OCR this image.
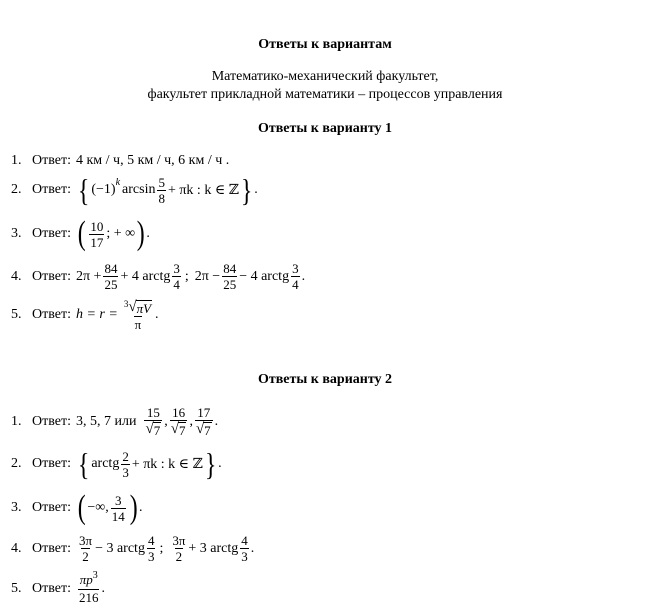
Ответы к вариантам
Математико-механический факультет,
факультет прикладной математики – процессов управления
Ответы к варианту 1
1. Ответ: 4 км / ч, 5 км / ч, 6 км / ч .
2. Ответ: { (−1) k $\arcsin \frac{5}{8} + \pi k$ : k ∈ ℤ } .
3. Ответ: ( $\frac{10}{17}$ ; + ∞ ) .
4. Ответ: $2\pi + \frac{84}{25} + 4$ arctg $\frac{3}{4}$ ; $2\pi - \frac{84}{25} - 4$ arctg $\frac{3}{4}$ .
5. Ответ: $h = r = \frac{3 √ \pi V}{\pi}$ .
Ответы к варианту 2
1. Ответ: 3, 5, 7 или $\frac{15}{√ 7}$ , $\frac{16}{√ 7}$ , $\frac{17}{√ 7}$ .
2. Ответ: { arctg $\frac{2}{3} + \pi k$ : k ∈ ℤ } .
3. Ответ: ( −∞, $\frac{3}{14}$ ) .
4. Ответ: $\frac{3\pi}{2} - 3$ arctg $\frac{4}{3}$ ; $\frac{3\pi}{2} + 3$ arctg $\frac{4}{3}$ .
5. Ответ: $\frac{\pi p^3}{216}$ .
